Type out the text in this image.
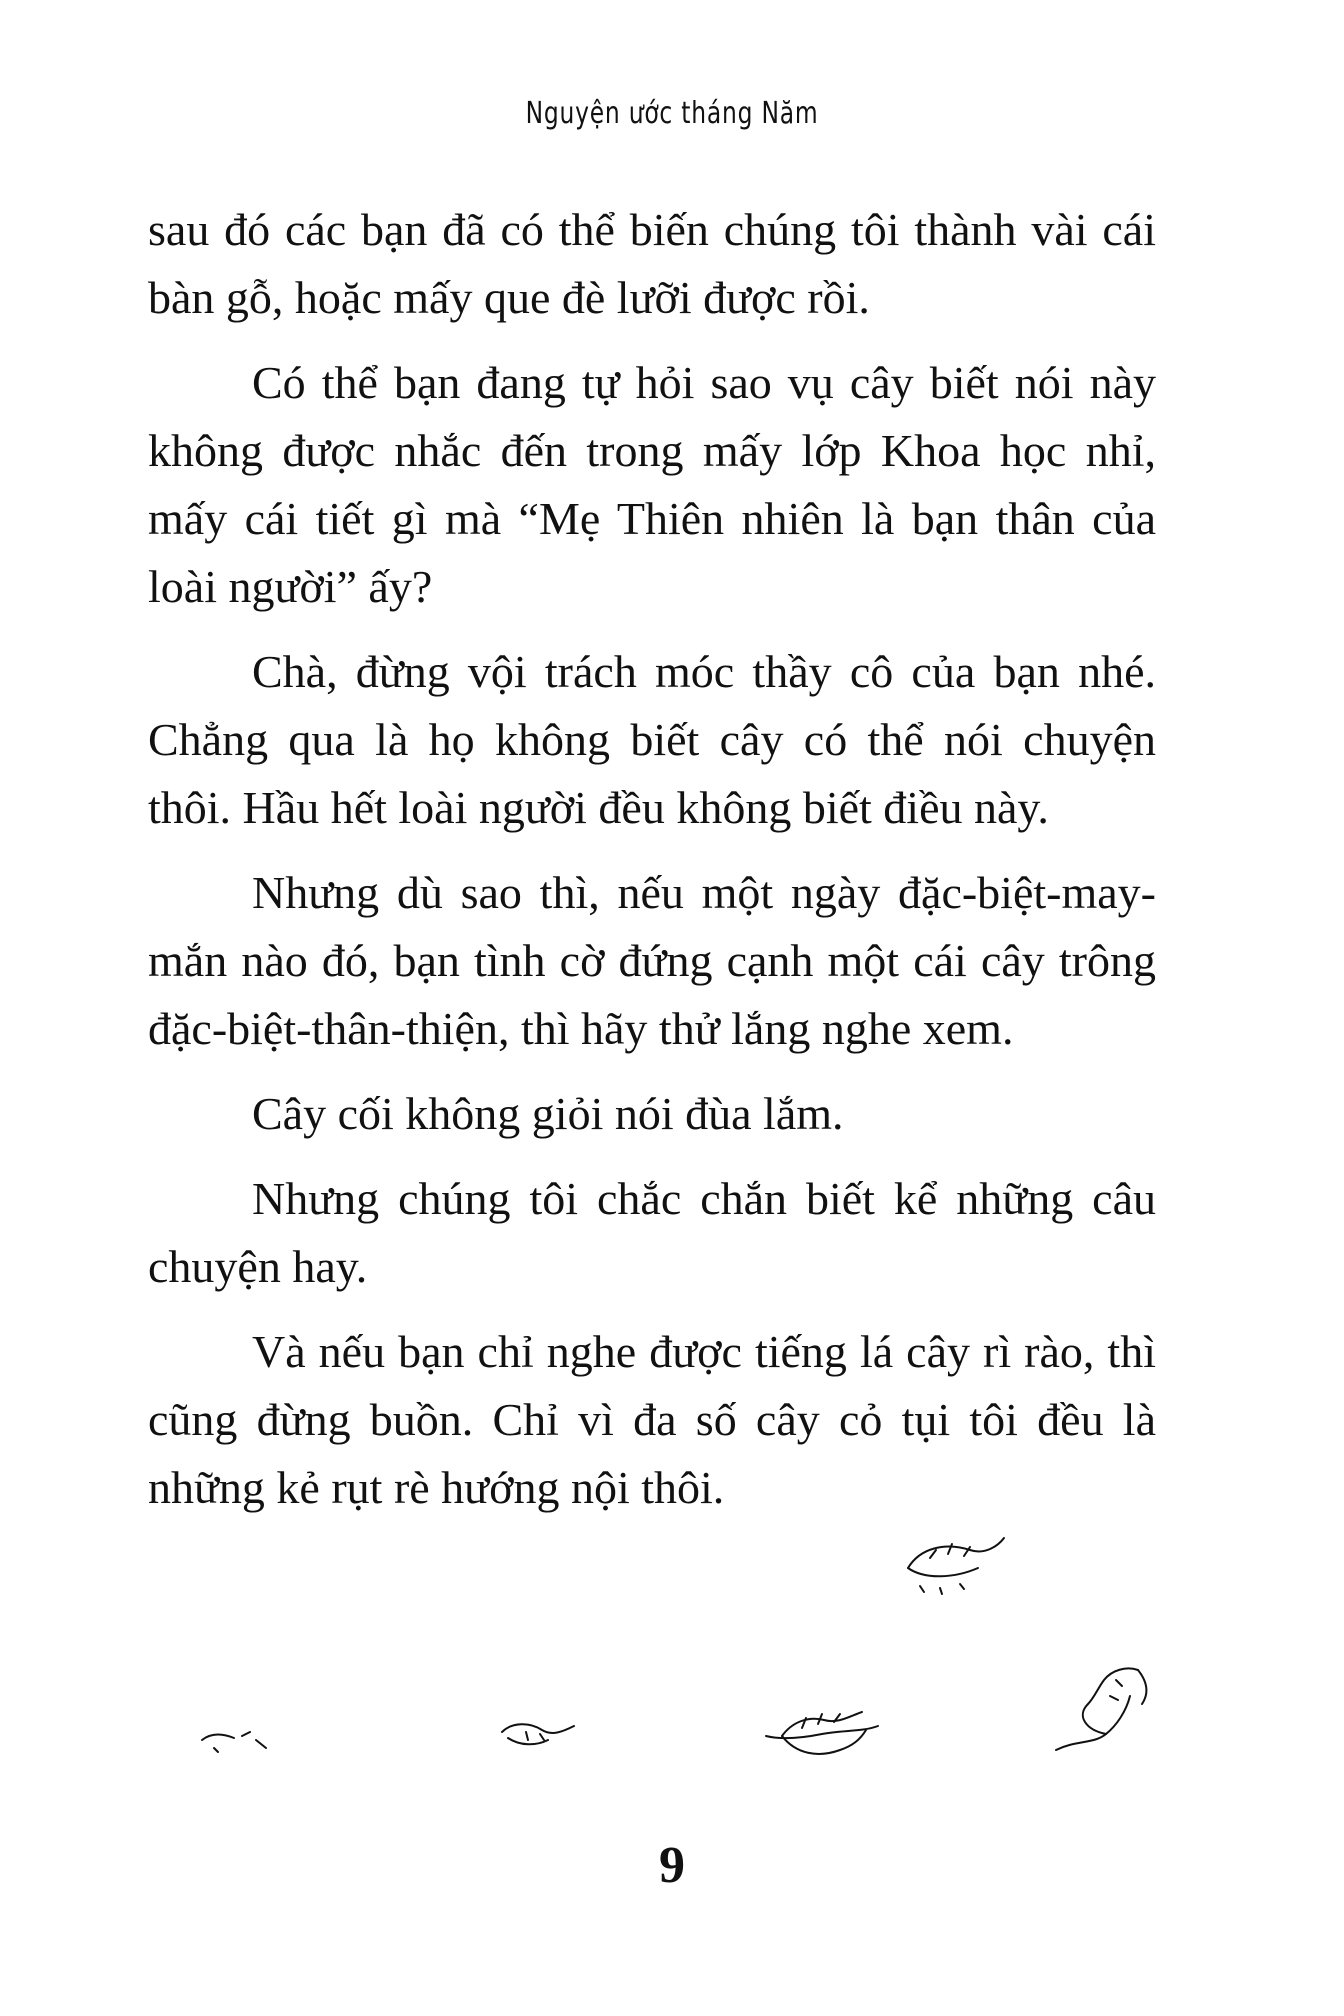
Nguyện ước tháng Năm

sau đó các bạn đã có thể biến chúng tôi thành vài cái bàn gỗ, hoặc mấy que đè lưỡi được rồi.

Có thể bạn đang tự hỏi sao vụ cây biết nói này không được nhắc đến trong mấy lớp Khoa học nhỉ, mấy cái tiết gì mà “Mẹ Thiên nhiên là bạn thân của loài người” ấy?

Chà, đừng vội trách móc thầy cô của bạn nhé. Chẳng qua là họ không biết cây có thể nói chuyện thôi. Hầu hết loài người đều không biết điều này.

Nhưng dù sao thì, nếu một ngày đặc-biệt-may-mắn nào đó, bạn tình cờ đứng cạnh một cái cây trông đặc-biệt-thân-thiện, thì hãy thử lắng nghe xem.

Cây cối không giỏi nói đùa lắm.

Nhưng chúng tôi chắc chắn biết kể những câu chuyện hay.

Và nếu bạn chỉ nghe được tiếng lá cây rì rào, thì cũng đừng buồn. Chỉ vì đa số cây cỏ tụi tôi đều là những kẻ rụt rè hướng nội thôi.

9
